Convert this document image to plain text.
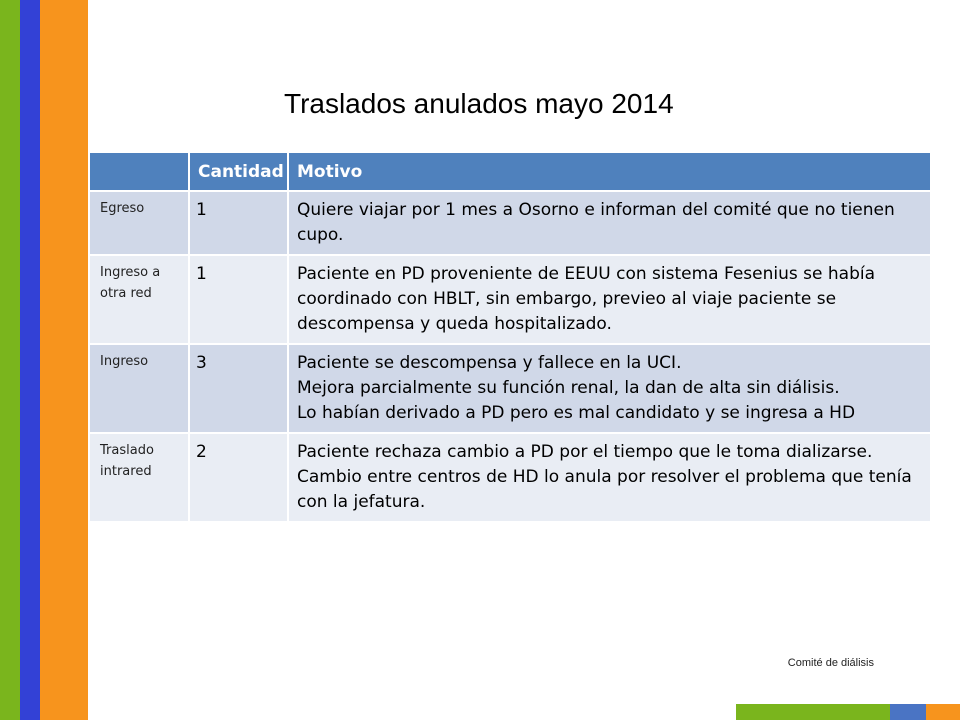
Traslados anulados mayo 2014
	Cantidad	Motivo
Egreso	1	Quiere viajar por 1 mes a Osorno e informan del comité que no tienen cupo.

Ingreso a otra red	1	Paciente en PD proveniente de EEUU con sistema Fesenius se había coordinado con HBLT, sin embargo, previeo al viaje paciente se descompensa y queda hospitalizado.

Ingreso	3	Paciente se descompensa y fallece en la UCI.
Mejora parcialmente su función renal, la dan de alta sin diálisis.
Lo habían derivado a PD pero es mal candidato y se ingresa a HD

Traslado intrared	2	Paciente rechaza cambio a PD por el tiempo que le toma dializarse.
Cambio entre centros de HD lo anula por resolver el problema que tenía con la jefatura.
Comité de diálisis
